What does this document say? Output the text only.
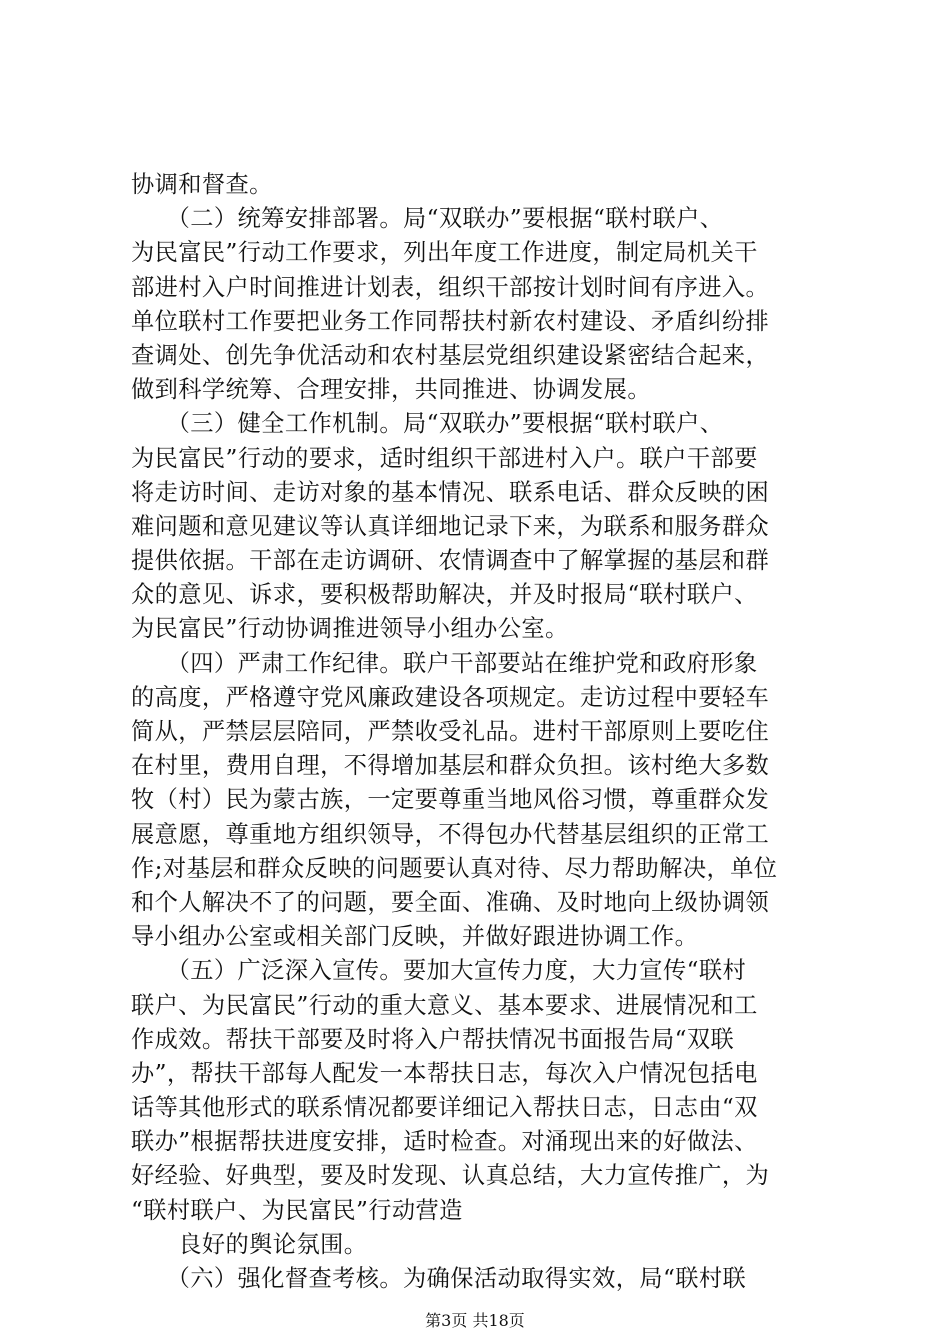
协调和督查。
　　（二）统筹安排部署。局“双联办”要根据“联村联户、
为民富民”行动工作要求，列出年度工作进度，制定局机关干
部进村入户时间推进计划表，组织干部按计划时间有序进入。
单位联村工作要把业务工作同帮扶村新农村建设、矛盾纠纷排
查调处、创先争优活动和农村基层党组织建设紧密结合起来，
做到科学统筹、合理安排，共同推进、协调发展。
　　（三）健全工作机制。局“双联办”要根据“联村联户、
为民富民”行动的要求，适时组织干部进村入户。联户干部要
将走访时间、走访对象的基本情况、联系电话、群众反映的困
难问题和意见建议等认真详细地记录下来，为联系和服务群众
提供依据。干部在走访调研、农情调查中了解掌握的基层和群
众的意见、诉求，要积极帮助解决，并及时报局“联村联户、
为民富民”行动协调推进领导小组办公室。
　　（四）严肃工作纪律。联户干部要站在维护党和政府形象
的高度，严格遵守党风廉政建设各项规定。走访过程中要轻车
简从，严禁层层陪同，严禁收受礼品。进村干部原则上要吃住
在村里，费用自理，不得增加基层和群众负担。该村绝大多数
牧（村）民为蒙古族，一定要尊重当地风俗习惯，尊重群众发
展意愿，尊重地方组织领导，不得包办代替基层组织的正常工
作;对基层和群众反映的问题要认真对待、尽力帮助解决，单位
和个人解决不了的问题，要全面、准确、及时地向上级协调领
导小组办公室或相关部门反映，并做好跟进协调工作。
　　（五）广泛深入宣传。要加大宣传力度，大力宣传“联村
联户、为民富民”行动的重大意义、基本要求、进展情况和工
作成效。帮扶干部要及时将入户帮扶情况书面报告局“双联
办”，帮扶干部每人配发一本帮扶日志，每次入户情况包括电
话等其他形式的联系情况都要详细记入帮扶日志，日志由“双
联办”根据帮扶进度安排，适时检查。对涌现出来的好做法、
好经验、好典型，要及时发现、认真总结，大力宣传推广，为
“联村联户、为民富民”行动营造
　　良好的舆论氛围。
　　（六）强化督查考核。为确保活动取得实效，局“联村联
第3页 共18页
